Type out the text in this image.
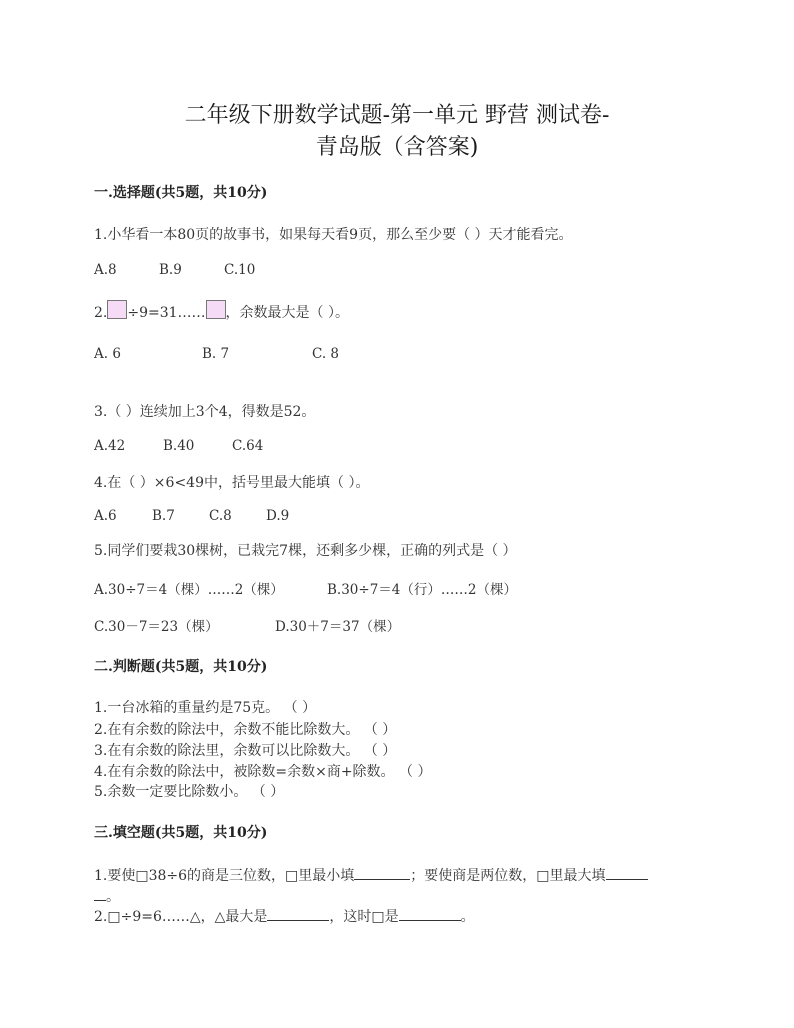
二年级下册数学试题-第一单元 野营 测试卷-
青岛版（含答案)
一.选择题(共5题，共10分)
1.小华看一本80页的故事书，如果每天看9页，那么至少要（ ）天才能看完。
A.8	B.9	C.10
2. ÷9=31…… ，余数最大是（ ）。
A. 6	B. 7	C. 8
3.（ ）连续加上3个4，得数是52。
A.42	B.40	C.64
4.在（ ）×6<49中，括号里最大能填（ ）。
A.6	B.7	C.8	D.9
5.同学们要栽30棵树，已栽完7棵，还剩多少棵，正确的列式是（ ）
A.30÷7＝4（棵）……2（棵）	B.30÷7＝4（行）……2（棵）
C.30－7＝23（棵）	D.30＋7＝37（棵）
二.判断题(共5题，共10分)
1.一台冰箱的重量约是75克。 （ ）
2.在有余数的除法中，余数不能比除数大。 （ ）
3.在有余数的除法里，余数可以比除数大。 （ ）
4.在有余数的除法中，被除数=余数×商+除数。 （ ）
5.余数一定要比除数小。 （ ）
三.填空题(共5题，共10分)
1.要使□38÷6的商是三位数，□里最小填	；要使商是两位数，□里最大填
。
2.□÷9=6……△，△最大是	，这时□是	。
